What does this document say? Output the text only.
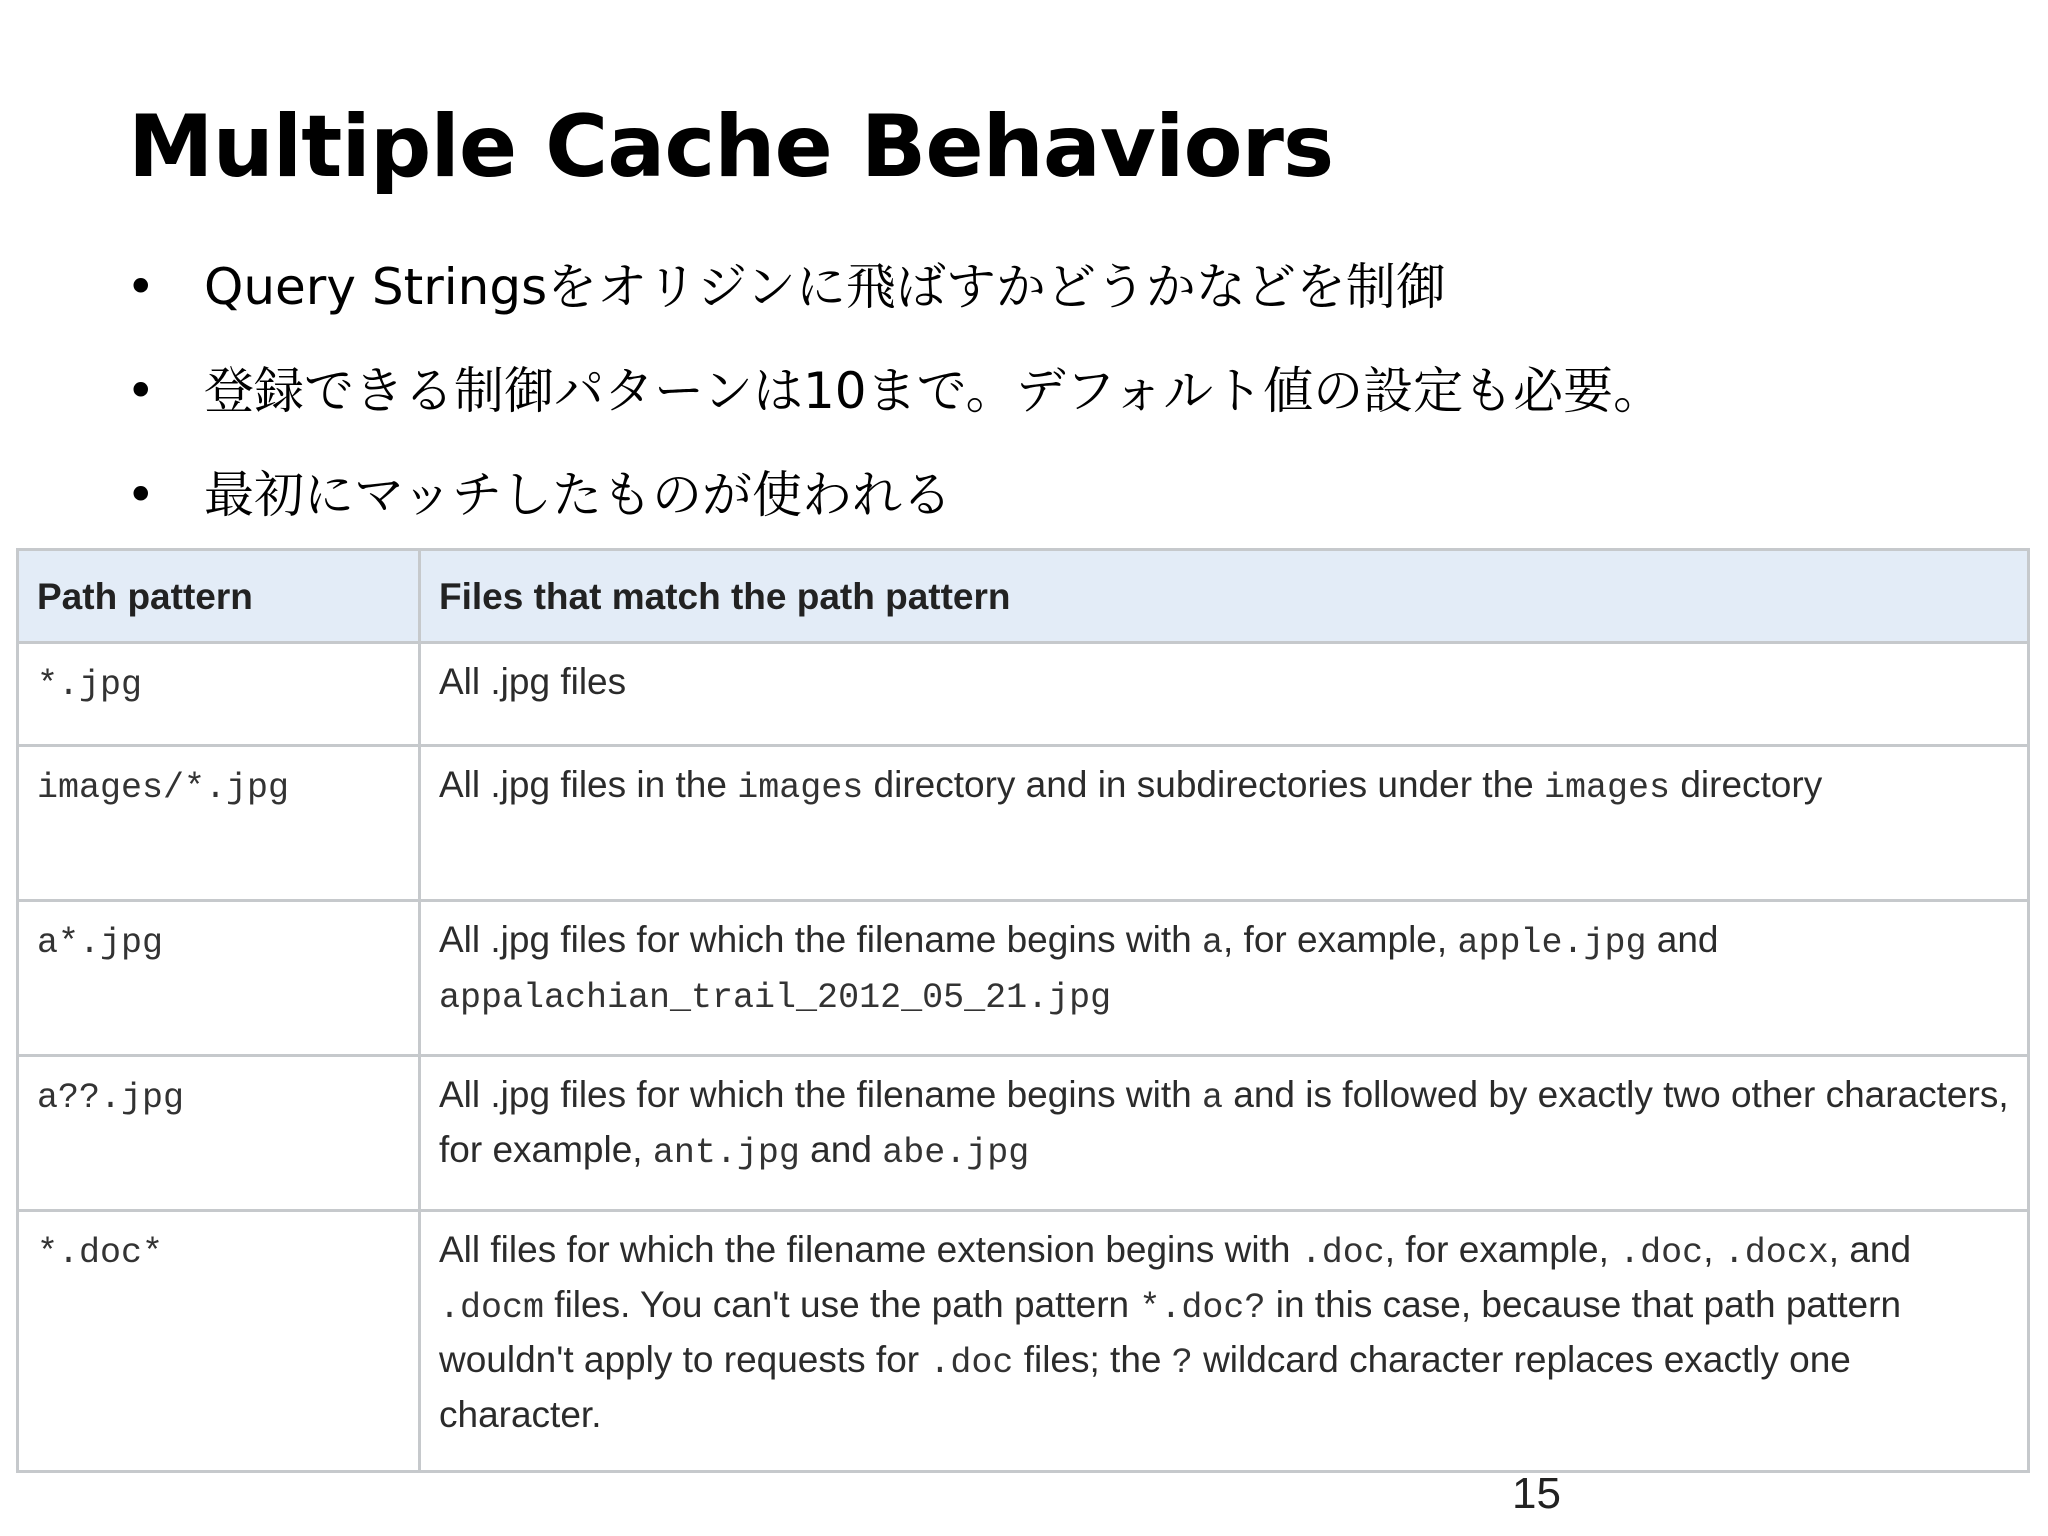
Multiple Cache Behaviors
• Query Stringsをオリジンに飛ばすかどうかなどを制御
• 登録できる制御パターンは10まで。デフォルト値の設定も必要。
• 最初にマッチしたものが使われる
Path pattern	Files that match the path pattern
*.jpg	All .jpg files
images/*.jpg	All .jpg files in the images directory and in subdirectories under the images directory
a*.jpg	All .jpg files for which the filename begins with a, for example, apple.jpg and appalachian_trail_2012_05_21.jpg
a??.jpg	All .jpg files for which the filename begins with a and is followed by exactly two other characters, for example, ant.jpg and abe.jpg
*.doc*	All files for which the filename extension begins with .doc, for example, .doc, .docx, and .docm files. You can't use the path pattern *.doc? in this case, because that path pattern wouldn't apply to requests for .doc files; the ? wildcard character replaces exactly one character.
15
